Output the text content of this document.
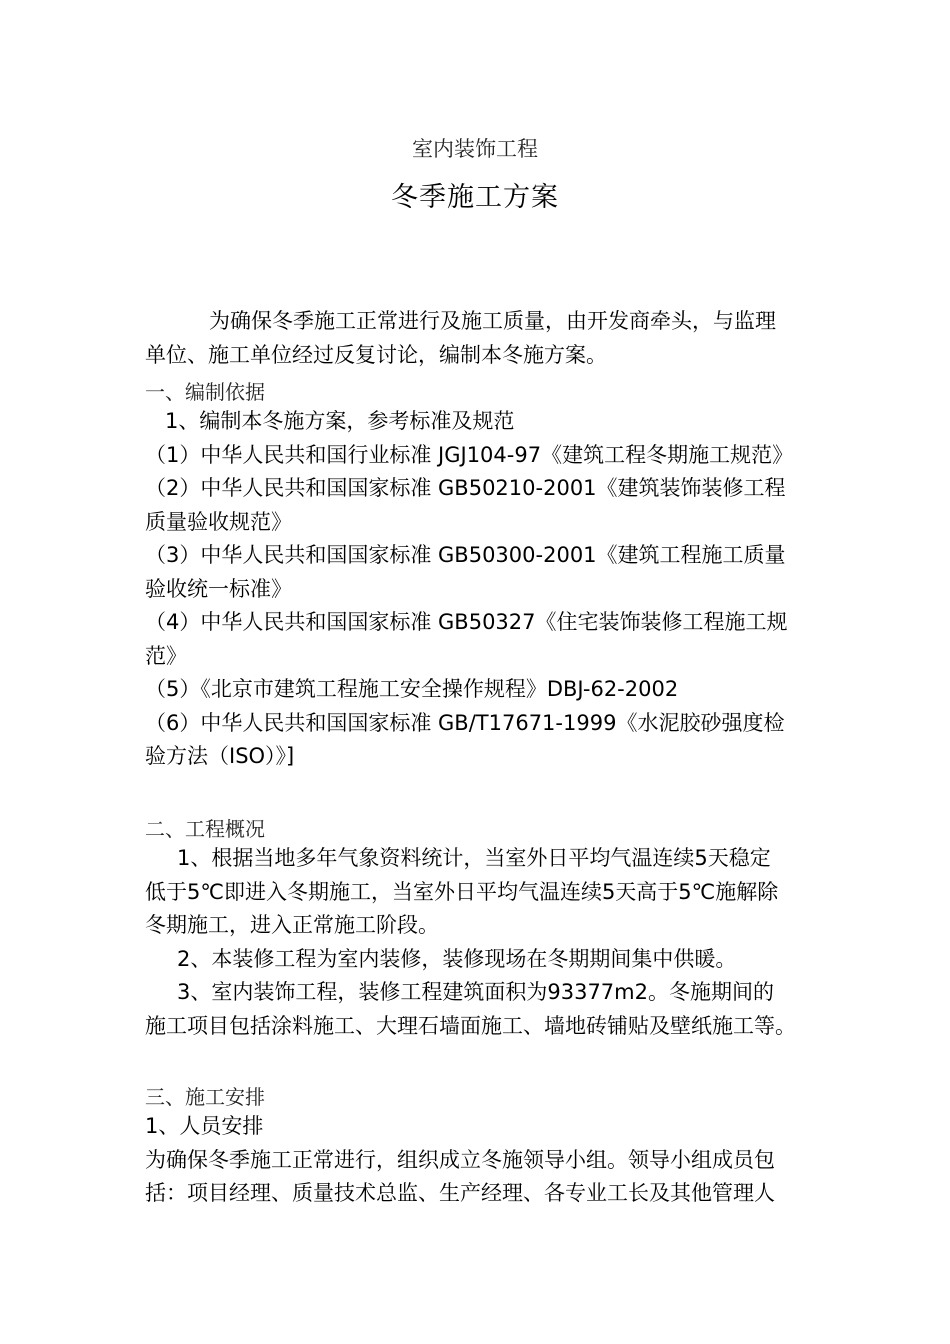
室内装饰工程
冬季施工方案
为确保冬季施工正常进行及施工质量，由开发商牵头，与监理
单位、施工单位经过反复讨论，编制本冬施方案。
一、编制依据
1、编制本冬施方案，参考标准及规范
（1）中华人民共和国行业标准 JGJ104-97《建筑工程冬期施工规范》
（2）中华人民共和国国家标准 GB50210-2001《建筑装饰装修工程
质量验收规范》
（3）中华人民共和国国家标准 GB50300-2001《建筑工程施工质量
验收统一标准》
（4）中华人民共和国国家标准 GB50327《住宅装饰装修工程施工规
范》
（5）《北京市建筑工程施工安全操作规程》DBJ-62-2002
（6）中华人民共和国国家标准 GB/T17671-1999《水泥胶砂强度检
验方法（ISO）》]
二、工程概况
1、根据当地多年气象资料统计，当室外日平均气温连续5天稳定
低于5℃即进入冬期施工，当室外日平均气温连续5天高于5℃施解除
冬期施工，进入正常施工阶段。
2、本装修工程为室内装修，装修现场在冬期期间集中供暖。
3、室内装饰工程，装修工程建筑面积为93377m2。冬施期间的
施工项目包括涂料施工、大理石墙面施工、墙地砖铺贴及壁纸施工等。
三、施工安排
1、人员安排
为确保冬季施工正常进行，组织成立冬施领导小组。领导小组成员包
括：项目经理、质量技术总监、生产经理、各专业工长及其他管理人
